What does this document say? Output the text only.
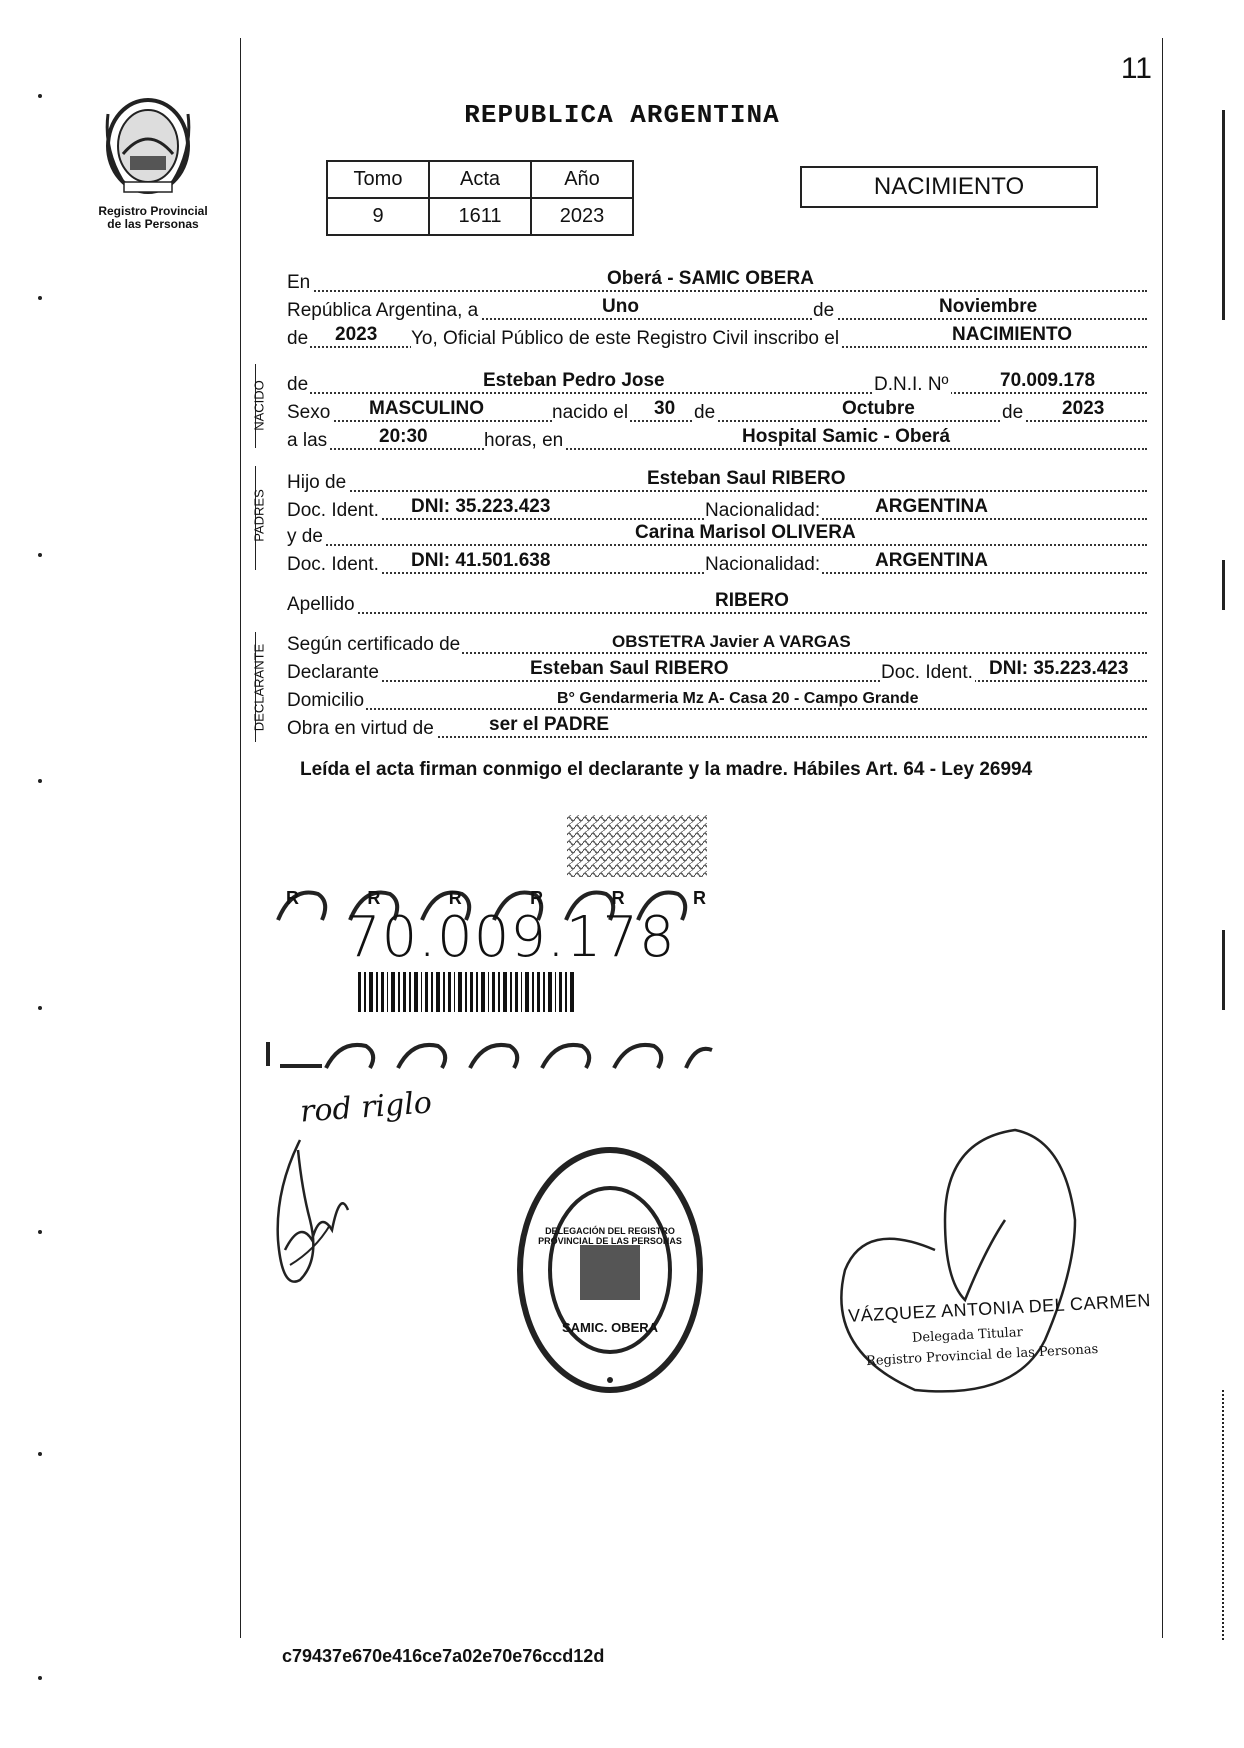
Registro Provincial
de las Personas
11
REPUBLICA ARGENTINA
Tomo	Acta	Año
9	1611	2023
NACIMIENTO
En	Oberá - SAMIC OBERA
República Argentina, a	Uno	de	Noviembre
de 2023 Yo, Oficial Público de este Registro Civil inscribo el	NACIMIENTO
NACIDO de	Esteban Pedro Jose	D.N.I. Nº	70.009.178
Sexo MASCULINO	nacido el 30 de	Octubre	de 2023
a las	20:30	horas, en	Hospital Samic - Oberá
PADRES
Hijo de	Esteban Saul RIBERO
Doc. Ident. DNI: 35.223.423	Nacionalidad:	ARGENTINA
y de	Carina Marisol OLIVERA
Doc. Ident. DNI: 41.501.638	Nacionalidad:	ARGENTINA
Apellido	RIBERO
DECLARANTE Según certificado de	OBSTETRA Javier A VARGAS
Declarante	Esteban Saul RIBERO	Doc. Ident. DNI: 35.223.423
Domicilio	B° Gendarmeria Mz A- Casa 20 - Campo Grande
Obra en virtud de	ser el PADRE
Leída el acta firman conmigo el declarante y la madre. Hábiles Art. 64 - Ley 26994
R	R	R	R	R	R
70.009.178
rod riglo
DELEGACIÓN DEL REGISTRO PROVINCIAL DE LAS PERSONAS
SAMIC. OBERA
VÁZQUEZ ANTONIA DEL CARMEN
Delegada Titular
Registro Provincial de las Personas
c79437e670e416ce7a02e70e76ccd12d
